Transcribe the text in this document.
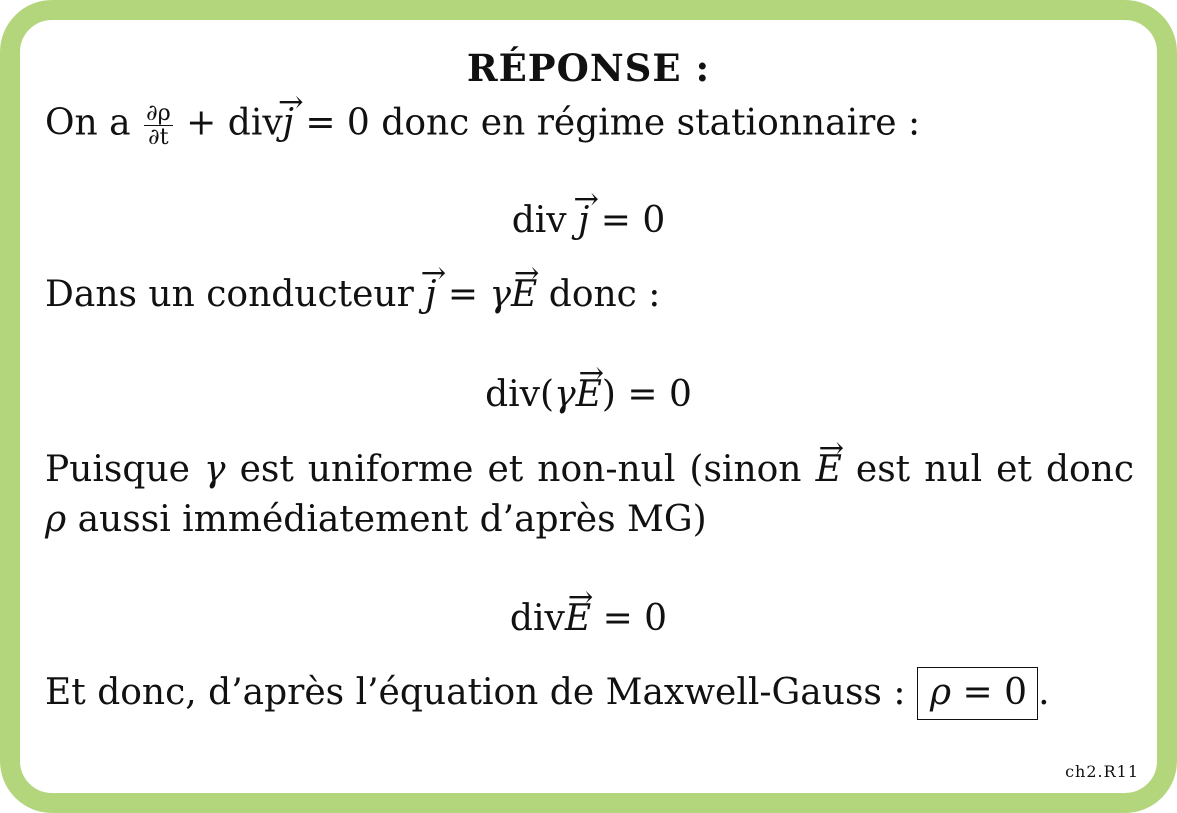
RÉPONSE :
On a $\frac{\partial\rho}{\partial t} + div\to j = 0$ donc en régime stationnaire :
div → j = 0
Dans un conducteur → j = γ→ E donc :
div(γ→ E) = 0
Puisque γ est uniforme et non-nul (sinon → E est nul et donc
ρ aussi immédiatement d’après MG)
div→ E = 0
Et donc, d’après l’équation de Maxwell-Gauss : ρ = 0 .
ch2.R11
